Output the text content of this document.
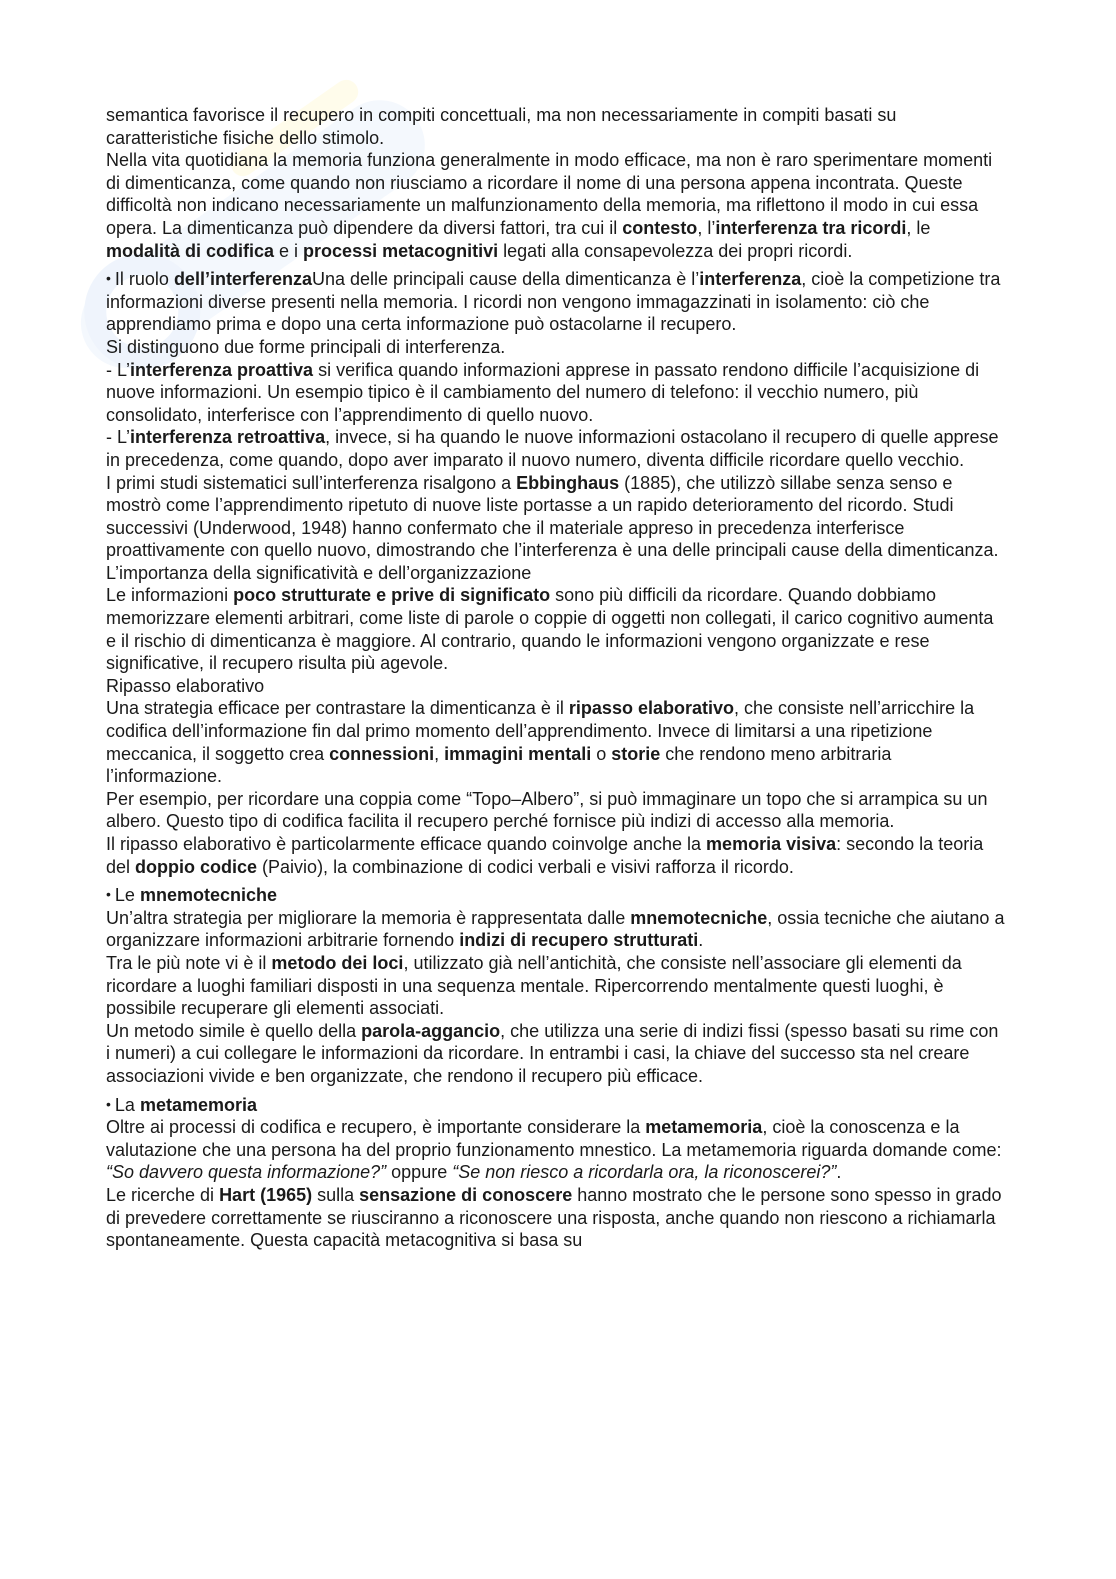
semantica favorisce il recupero in compiti concettuali, ma non necessariamente in compiti basati su caratteristiche fisiche dello stimolo.

Nella vita quotidiana la memoria funziona generalmente in modo efficace, ma non è raro sperimentare momenti di dimenticanza, come quando non riusciamo a ricordare il nome di una persona appena incontrata. Queste difficoltà non indicano necessariamente un malfunzionamento della memoria, ma riflettono il modo in cui essa opera. La dimenticanza può dipendere da diversi fattori, tra cui il contesto, l’interferenza tra ricordi, le modalità di codifica e i processi metacognitivi legati alla consapevolezza dei propri ricordi.

• Il ruolo dell’interferenzaUna delle principali cause della dimenticanza è l’interferenza, cioè la competizione tra

informazioni diverse presenti nella memoria. I ricordi non vengono immagazzinati in isolamento: ciò che apprendiamo prima e dopo una certa informazione può ostacolarne il recupero.

Si distinguono due forme principali di interferenza.

- L’interferenza proattiva si verifica quando informazioni apprese in passato rendono difficile l’acquisizione di nuove informazioni. Un esempio tipico è il cambiamento del numero di telefono: il vecchio numero, più consolidato, interferisce con l’apprendimento di quello nuovo.

- L’interferenza retroattiva, invece, si ha quando le nuove informazioni ostacolano il recupero di quelle apprese in precedenza, come quando, dopo aver imparato il nuovo numero, diventa difficile ricordare quello vecchio.

I primi studi sistematici sull’interferenza risalgono a Ebbinghaus (1885), che utilizzò sillabe senza senso e mostrò come l’apprendimento ripetuto di nuove liste portasse a un rapido deterioramento del ricordo. Studi successivi (Underwood, 1948) hanno confermato che il materiale appreso in precedenza interferisce proattivamente con quello nuovo, dimostrando che l’interferenza è una delle principali cause della dimenticanza.

L’importanza della significatività e dell’organizzazione

Le informazioni poco strutturate e prive di significato sono più difficili da ricordare. Quando dobbiamo memorizzare elementi arbitrari, come liste di parole o coppie di oggetti non collegati, il carico cognitivo aumenta e il rischio di dimenticanza è maggiore. Al contrario, quando le informazioni vengono organizzate e rese significative, il recupero risulta più agevole.

Ripasso elaborativo

Una strategia efficace per contrastare la dimenticanza è il ripasso elaborativo, che consiste nell’arricchire la codifica dell’informazione fin dal primo momento dell’apprendimento. Invece di limitarsi a una ripetizione meccanica, il soggetto crea connessioni, immagini mentali o storie che rendono meno arbitraria l’informazione.

Per esempio, per ricordare una coppia come “Topo–Albero”, si può immaginare un topo che si arrampica su un albero. Questo tipo di codifica facilita il recupero perché fornisce più indizi di accesso alla memoria.

Il ripasso elaborativo è particolarmente efficace quando coinvolge anche la memoria visiva: secondo la teoria del doppio codice (Paivio), la combinazione di codici verbali e visivi rafforza il ricordo.

• Le mnemotecniche

Un’altra strategia per migliorare la memoria è rappresentata dalle mnemotecniche, ossia tecniche che aiutano a organizzare informazioni arbitrarie fornendo indizi di recupero strutturati.

Tra le più note vi è il metodo dei loci, utilizzato già nell’antichità, che consiste nell’associare gli elementi da ricordare a luoghi familiari disposti in una sequenza mentale. Ripercorrendo mentalmente questi luoghi, è possibile recuperare gli elementi associati.

Un metodo simile è quello della parola-aggancio, che utilizza una serie di indizi fissi (spesso basati su rime con i numeri) a cui collegare le informazioni da ricordare. In entrambi i casi, la chiave del successo sta nel creare associazioni vivide e ben organizzate, che rendono il recupero più efficace.

• La metamemoria

Oltre ai processi di codifica e recupero, è importante considerare la metamemoria, cioè la conoscenza e la valutazione che una persona ha del proprio funzionamento mnestico. La metamemoria riguarda domande come: “So davvero questa informazione?” oppure “Se non riesco a ricordarla ora, la riconoscerei?”.

Le ricerche di Hart (1965) sulla sensazione di conoscere hanno mostrato che le persone sono spesso in grado di prevedere correttamente se riusciranno a riconoscere una risposta, anche quando non riescono a richiamarla spontaneamente. Questa capacità metacognitiva si basa su
